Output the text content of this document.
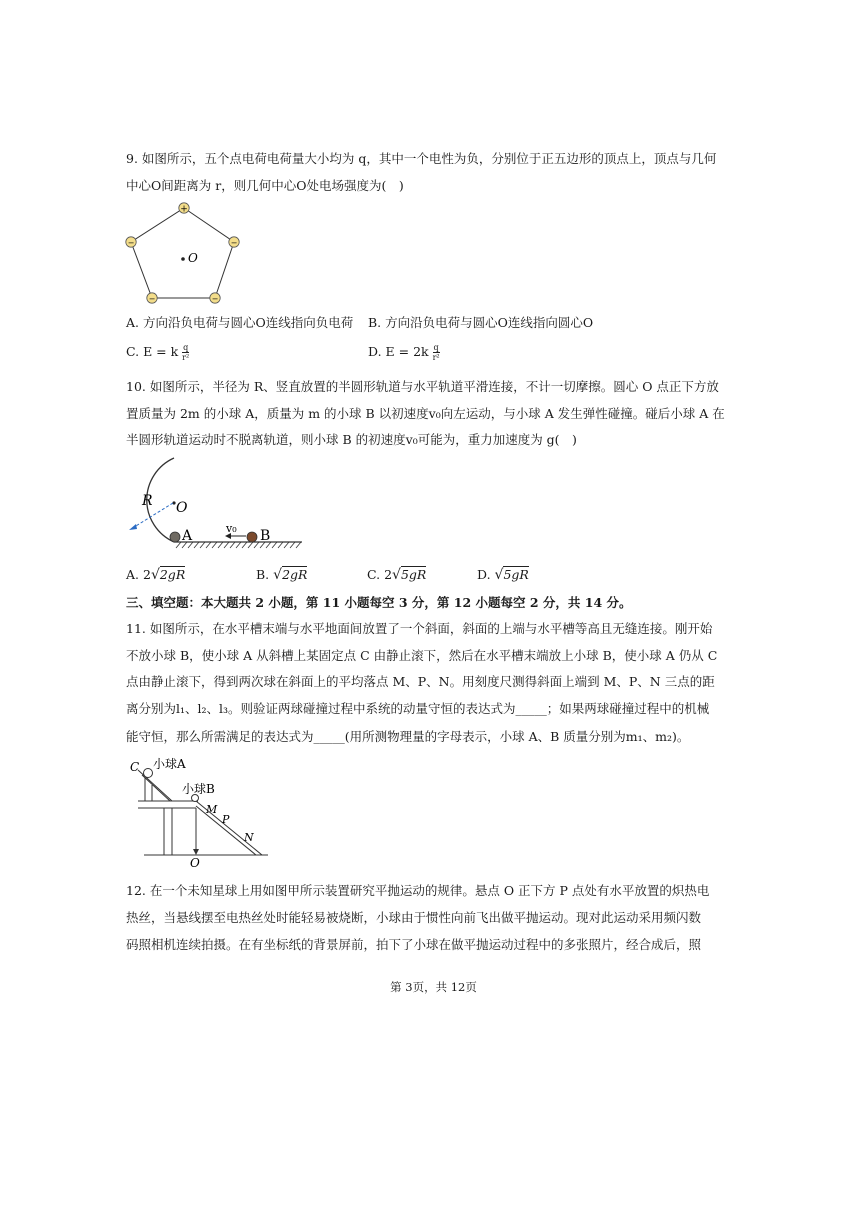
9. 如图所示，五个点电荷电荷量大小均为 q，其中一个电性为负，分别位于正五边形的顶点上，顶点与几何
中心O间距离为 r，则几何中心O处电场强度为(　)
O
+
−
−
−
−
A. 方向沿负电荷与圆心O连线指向负电荷 B. 方向沿负电荷与圆心O连线指向圆心O
C. E = k $\frac{q}{\text{r²}}$	D. $E = 2k \frac{q}{\text{r²}}$
10. 如图所示，半径为 R、竖直放置的半圆形轨道与水平轨道平滑连接，不计一切摩擦。圆心 O 点正下方放
置质量为 2m 的小球 A，质量为 m 的小球 B 以初速度v₀向左运动，与小球 A 发生弹性碰撞。碰后小球 A 在
半圆形轨道运动时不脱离轨道，则小球 B 的初速度v₀可能为，重力加速度为 g(　)
O
R
A	B
v₀
A. 2√2gR	B. √2gR	C. 2√5gR	D. √5gR
三、填空题：本大题共 2 小题，第 11 小题每空 3 分，第 12 小题每空 2 分，共 14 分。
11. 如图所示，在水平槽末端与水平地面间放置了一个斜面，斜面的上端与水平槽等高且无缝连接。刚开始
不放小球 B，使小球 A 从斜槽上某固定点 C 由静止滚下，然后在水平槽末端放上小球 B，使小球 A 仍从 C
点由静止滚下，得到两次球在斜面上的平均落点 M、P、N。用刻度尺测得斜面上端到 M、P、N 三点的距
离分别为l₁、l₂、l₃。则验证两球碰撞过程中系统的动量守恒的表达式为_____；如果两球碰撞过程中的机械
能守恒，那么所需满足的表达式为_____(用所测物理量的字母表示，小球 A、B 质量分别为m₁、m₂)。
C 小球A
小球B
M
P
N
O
12. 在一个未知星球上用如图甲所示装置研究平抛运动的规律。悬点 O 正下方 P 点处有水平放置的炽热电
热丝，当悬线摆至电热丝处时能轻易被烧断，小球由于惯性向前飞出做平抛运动。现对此运动采用频闪数
码照相机连续拍摄。在有坐标纸的背景屏前，拍下了小球在做平抛运动过程中的多张照片，经合成后，照
第 3页，共 12页
